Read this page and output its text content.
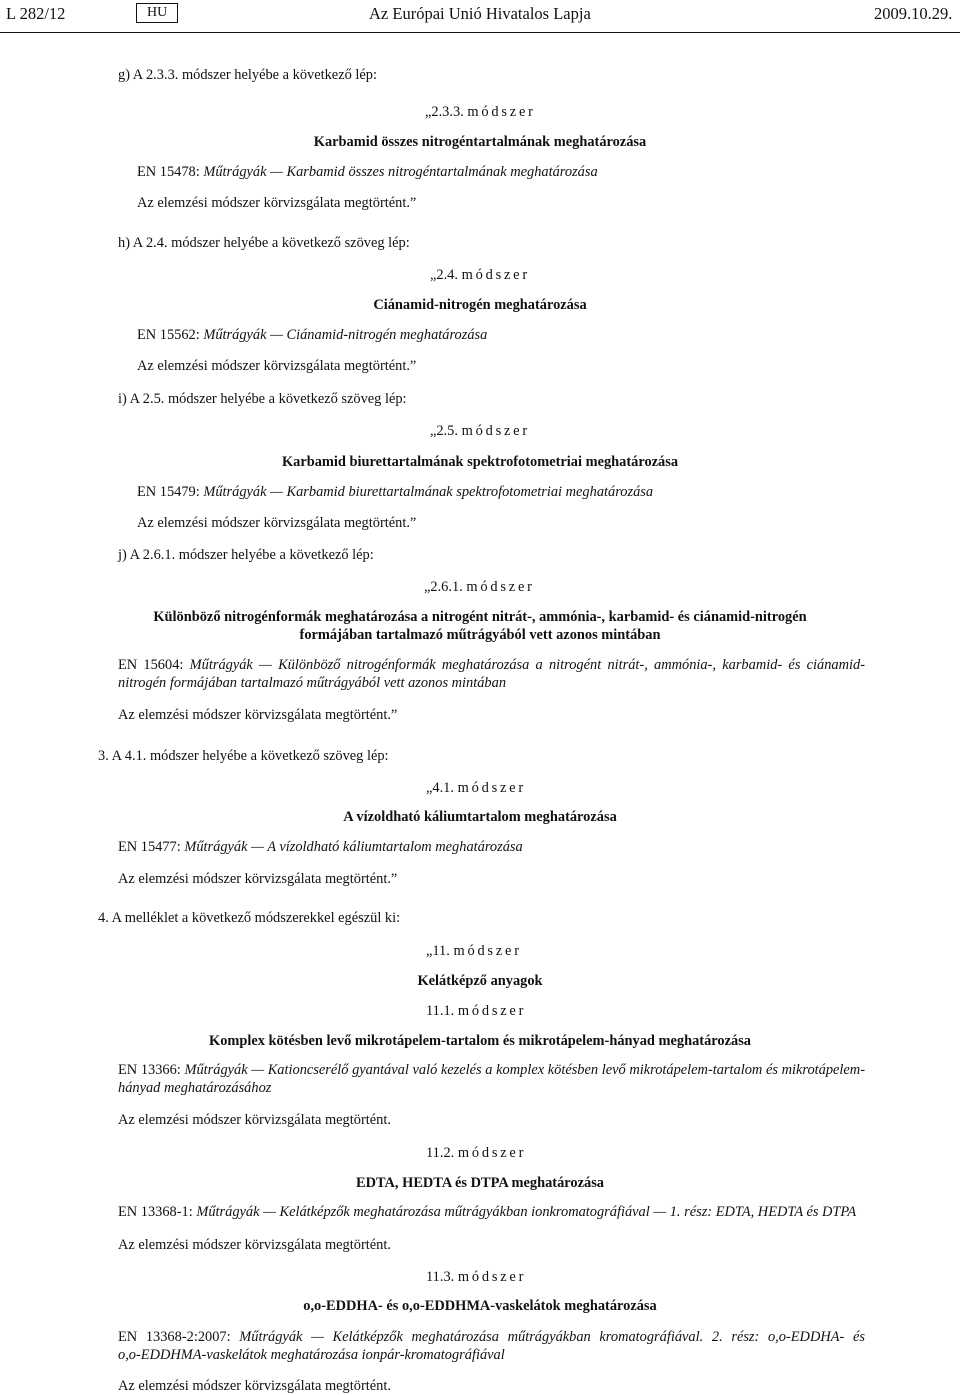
L 282/12	HU	Az Európai Unió Hivatalos Lapja	2009.10.29.
g) A 2.3.3. módszer helyébe a következő lép:
„2.3.3. módszer
Karbamid összes nitrogéntartalmának meghatározása
EN 15478: Műtrágyák — Karbamid összes nitrogéntartalmának meghatározása
Az elemzési módszer körvizsgálata megtörtént.”
h) A 2.4. módszer helyébe a következő szöveg lép:
„2.4. módszer
Ciánamid-nitrogén meghatározása
EN 15562: Műtrágyák — Ciánamid-nitrogén meghatározása
Az elemzési módszer körvizsgálata megtörtént.”
i) A 2.5. módszer helyébe a következő szöveg lép:
„2.5. módszer
Karbamid biurettartalmának spektrofotometriai meghatározása
EN 15479: Műtrágyák — Karbamid biurettartalmának spektrofotometriai meghatározása
Az elemzési módszer körvizsgálata megtörtént.”
j) A 2.6.1. módszer helyébe a következő lép:
„2.6.1. módszer
Különböző nitrogénformák meghatározása a nitrogént nitrát-, ammónia-, karbamid- és ciánamid-nitrogén
formájában tartalmazó műtrágyából vett azonos mintában
EN 15604: Műtrágyák — Különböző nitrogénformák meghatározása a nitrogént nitrát-, ammónia-, karbamid- és ciánamid-
nitrogén formájában tartalmazó műtrágyából vett azonos mintában
Az elemzési módszer körvizsgálata megtörtént.”
3. A 4.1. módszer helyébe a következő szöveg lép:
„4.1. módszer
A vízoldható káliumtartalom meghatározása
EN 15477: Műtrágyák — A vízoldható káliumtartalom meghatározása
Az elemzési módszer körvizsgálata megtörtént.”
4. A melléklet a következő módszerekkel egészül ki:
„11. módszer
Kelátképző anyagok
11.1. módszer
Komplex kötésben levő mikrotápelem-tartalom és mikrotápelem-hányad meghatározása
EN 13366: Műtrágyák — Kationcserélő gyantával való kezelés a komplex kötésben levő mikrotápelem-tartalom és mikrotápelem-
hányad meghatározásához
Az elemzési módszer körvizsgálata megtörtént.
11.2. módszer
EDTA, HEDTA és DTPA meghatározása
EN 13368-1: Műtrágyák — Kelátképzők meghatározása műtrágyákban ionkromatográfiával — 1. rész: EDTA, HEDTA és DTPA
Az elemzési módszer körvizsgálata megtörtént.
11.3. módszer
o,o-EDDHA- és o,o-EDDHMA-vaskelátok meghatározása
EN 13368-2:2007: Műtrágyák — Kelátképzők meghatározása műtrágyákban kromatográfiával. 2. rész: o,o-EDDHA- és
o,o-EDDHMA-vaskelátok meghatározása ionpár-kromatográfiával
Az elemzési módszer körvizsgálata megtörtént.
